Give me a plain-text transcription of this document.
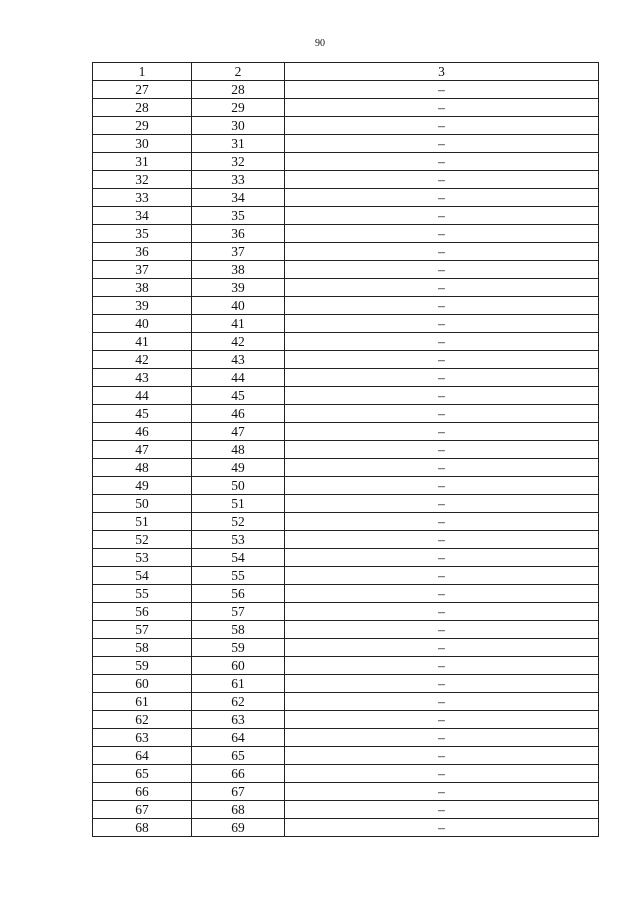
90
1	2	3
27	28	–
28	29	–
29	30	–
30	31	–
31	32	–
32	33	–
33	34	–
34	35	–
35	36	–
36	37	–
37	38	–
38	39	–
39	40	–
40	41	–
41	42	–
42	43	–
43	44	–
44	45	–
45	46	–
46	47	–
47	48	–
48	49	–
49	50	–
50	51	–
51	52	–
52	53	–
53	54	–
54	55	–
55	56	–
56	57	–
57	58	–
58	59	–
59	60	–
60	61	–
61	62	–
62	63	–
63	64	–
64	65	–
65	66	–
66	67	–
67	68	–
68	69	–
